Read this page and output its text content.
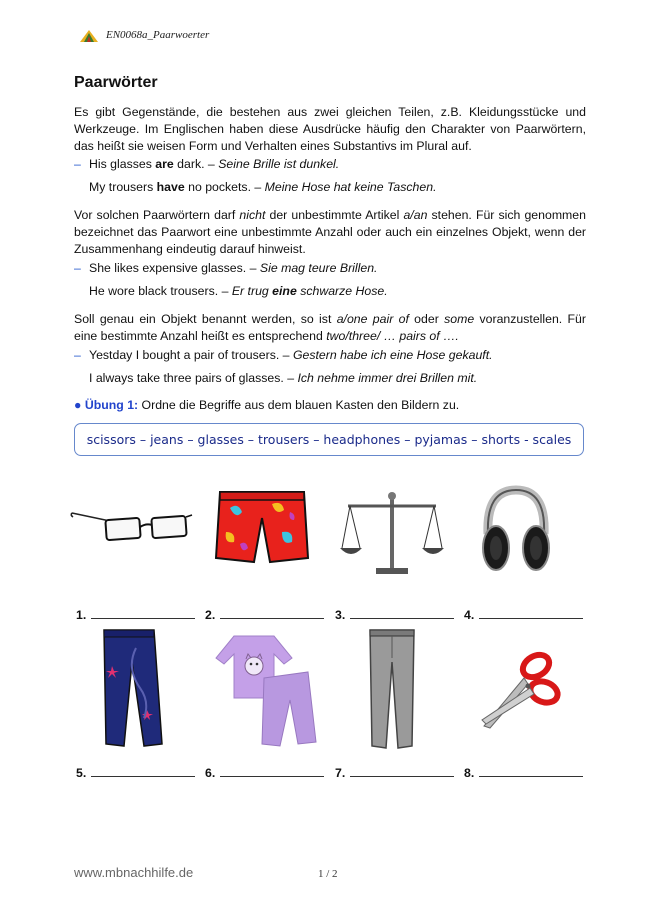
EN0068a_Paarwoerter
Paarwörter
Es gibt Gegenstände, die bestehen aus zwei gleichen Teilen, z.B. Kleidungsstücke und Werkzeuge. Im Englischen haben diese Ausdrücke häufig den Charakter von Paarwörtern, das heißt sie weisen Form und Verhalten eines Substantivs im Plural auf.
– His glasses are dark. – Seine Brille ist dunkel.
My trousers have no pockets. – Meine Hose hat keine Taschen.
Vor solchen Paarwörtern darf nicht der unbestimmte Artikel a/an stehen. Für sich genommen bezeichnet das Paarwort eine unbestimmte Anzahl oder auch ein einzelnes Objekt, wenn der Zusammenhang eindeutig darauf hinweist.
– She likes expensive glasses. – Sie mag teure Brillen.
He wore black trousers. – Er trug eine schwarze Hose.
Soll genau ein Objekt benannt werden, so ist a/one pair of oder some voranzustellen. Für eine bestimmte Anzahl heißt es entsprechend two/three/ … pairs of ….
– Yestday I bought a pair of trousers. – Gestern habe ich eine Hose gekauft.
I always take three pairs of glasses. – Ich nehme immer drei Brillen mit.
● Übung 1: Ordne die Begriffe aus dem blauen Kasten den Bildern zu.
scissors – jeans – glasses – trousers – headphones – pyjamas – shorts - scales
1.	2.	3.	4.
5.	6.	7.	8.
www.mbnachhilfe.de	1 / 2
